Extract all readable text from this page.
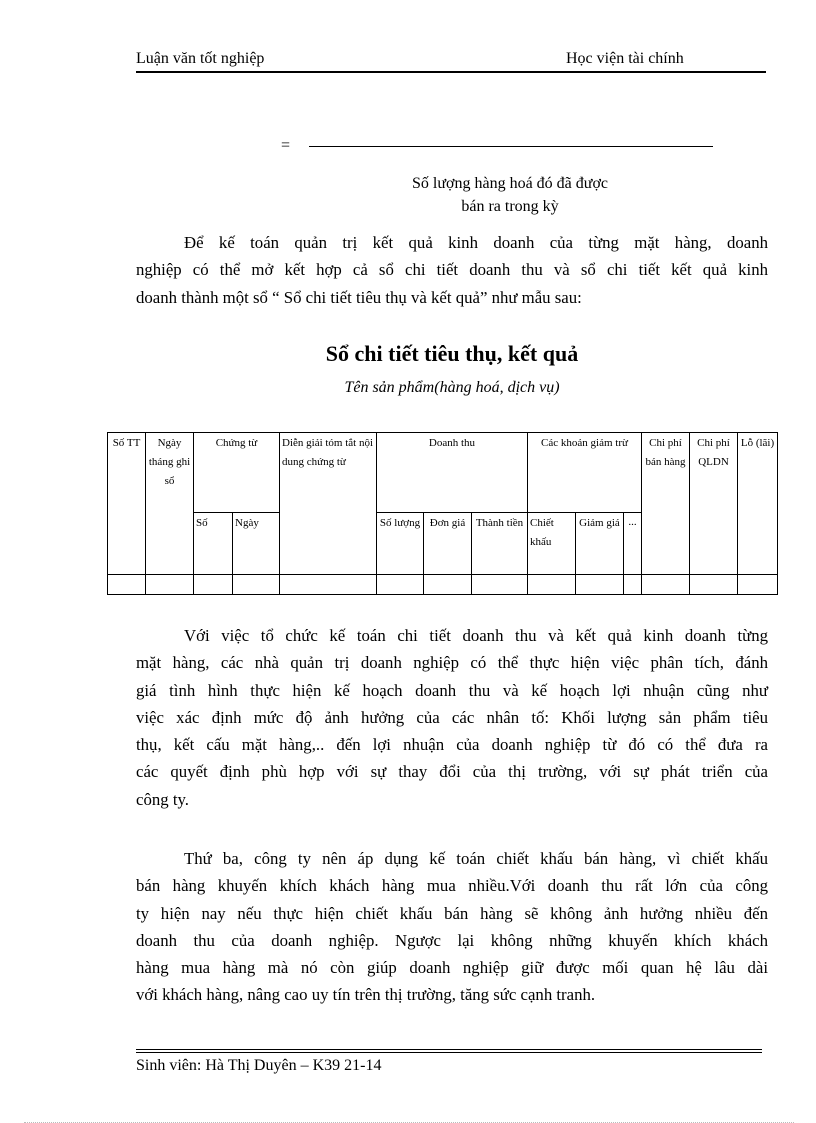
Luận văn tốt nghiệp	Học viện tài chính
=
Số lượng hàng hoá đó đã được
bán ra trong kỳ
Để kế toán quản trị kết quả kinh doanh của từng mặt hàng, doanh
nghiệp có thể mở kết hợp cả sổ chi tiết doanh thu và sổ chi tiết kết quả kinh
doanh thành một sổ “ Sổ chi tiết tiêu thụ và kết quả” như mẫu sau:
Sổ chi tiết tiêu thụ, kết quả
Tên sản phẩm(hàng hoá, dịch vụ)
Số TT	Ngày tháng ghi sổ	Chứng từ		Diễn giải tóm tắt nội dung chứng từ	Doanh thu			Các khoản giảm trừ			Chi phí bán hàng	Chi phí QLDN	Lỗ (lãi)
		Số	Ngày		Số lượng	Đơn giá	Thành tiền	Chiết khấu	Giảm giá	...			

Với việc tổ chức kế toán chi tiết doanh thu và kết quả kinh doanh từng
mặt hàng, các nhà quản trị doanh nghiệp có thể thực hiện việc phân tích, đánh
giá tình hình thực hiện kế hoạch doanh thu và kế hoạch lợi nhuận cũng như
việc xác định mức độ ảnh hưởng của các nhân tố: Khối lượng sản phẩm tiêu
thụ, kết cấu mặt hàng,.. đến lợi nhuận của doanh nghiệp từ đó có thể đưa ra
các quyết định phù hợp với sự thay đổi của thị trường, với sự phát triển của
công ty.
Thứ ba, công ty nên áp dụng kế toán chiết khấu bán hàng, vì chiết khấu
bán hàng khuyến khích khách hàng mua nhiều.Với doanh thu rất lớn của công
ty hiện nay nếu thực hiện chiết khấu bán hàng sẽ không ảnh hưởng nhiều đến
doanh thu của doanh nghiệp. Ngược lại không những khuyến khích khách
hàng mua hàng mà nó còn giúp doanh nghiệp giữ được mối quan hệ lâu dài
với khách hàng, nâng cao uy tín trên thị trường, tăng sức cạnh tranh.
Sinh viên: Hà Thị Duyên – K39 21-14
